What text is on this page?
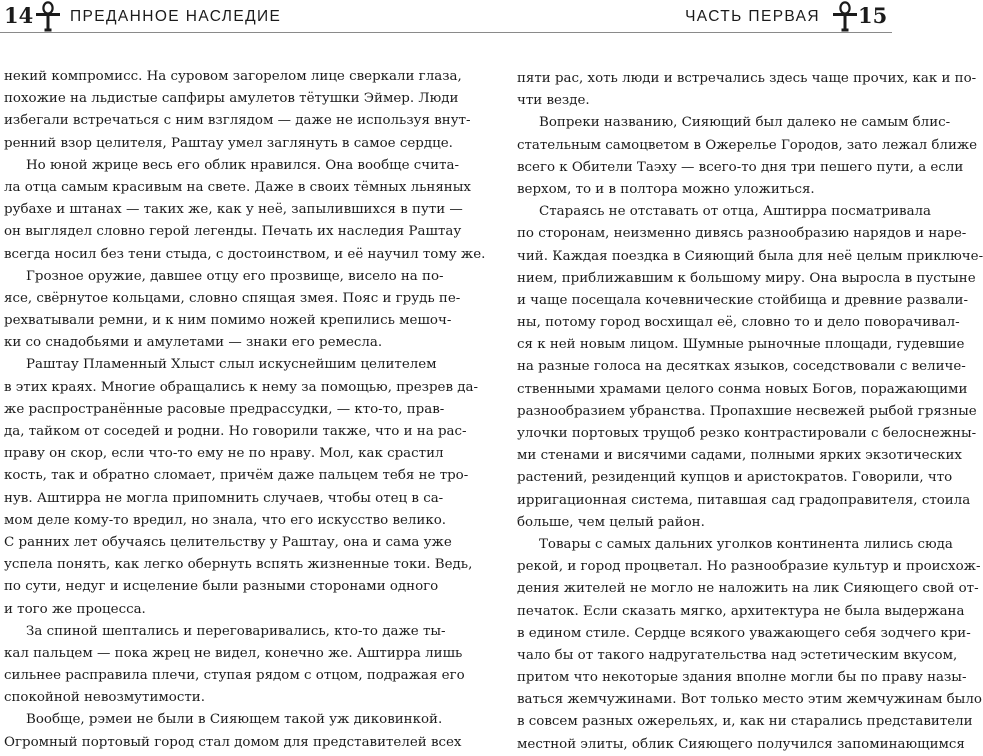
14 ПРЕДАННОЕ НАСЛЕДИЕ	ЧАСТЬ ПЕРВАЯ 15
некий компромисс. На суровом загорелом лице сверкали глаза,
похожие на льдистые сапфиры амулетов тётушки Эймер. Люди
избегали встречаться с ним взглядом — даже не используя внут-
ренний взор целителя, Раштау умел заглянуть в самое сердце.
Но юной жрице весь его облик нравился. Она вообще счита-
ла отца самым красивым на свете. Даже в своих тёмных льняных
рубахе и штанах — таких же, как у неё, запылившихся в пути —
он выглядел словно герой легенды. Печать их наследия Раштау
всегда носил без тени стыда, с достоинством, и её научил тому же.
Грозное оружие, давшее отцу его прозвище, висело на по-
ясе, свёрнутое кольцами, словно спящая змея. Пояс и грудь пе-
рехватывали ремни, и к ним помимо ножей крепились мешоч-
ки со снадобьями и амулетами — знаки его ремесла.
Раштау Пламенный Хлыст слыл искуснейшим целителем
в этих краях. Многие обращались к нему за помощью, презрев да-
же распространённые расовые предрассудки, — кто-то, прав-
да, тайком от соседей и родни. Но говорили также, что и на рас-
праву он скор, если что-то ему не по нраву. Мол, как срастил
кость, так и обратно сломает, причём даже пальцем тебя не тро-
нув. Аштирра не могла припомнить случаев, чтобы отец в са-
мом деле кому-то вредил, но знала, что его искусство велико.
С ранних лет обучаясь целительству у Раштау, она и сама уже
успела понять, как легко обернуть вспять жизненные токи. Ведь,
по сути, недуг и исцеление были разными сторонами одного
и того же процесса.
За спиной шептались и переговаривались, кто-то даже ты-
кал пальцем — пока жрец не видел, конечно же. Аштирра лишь
сильнее расправила плечи, ступая рядом с отцом, подражая его
спокойной невозмутимости.
Вообще, рэмеи не были в Сияющем такой уж диковинкой.
Огромный портовый город стал домом для представителей всех
пяти рас, хоть люди и встречались здесь чаще прочих, как и по-
чти везде.
Вопреки названию, Сияющий был далеко не самым блиc-
стательным самоцветом в Ожерелье Городов, зато лежал ближе
всего к Обители Таэху — всего-то дня три пешего пути, а если
верхом, то и в полтора можно уложиться.
Стараясь не отставать от отца, Аштирра посматривала
по сторонам, неизменно дивясь разнообразию нарядов и наре-
чий. Каждая поездка в Сияющий была для неё целым приключе-
нием, приближавшим к большому миру. Она выросла в пустыне
и чаще посещала кочевнические стойбища и древние развали-
ны, потому город восхищал её, словно то и дело поворачивал-
ся к ней новым лицом. Шумные рыночные площади, гудевшие
на разные голоса на десятках языков, соседствовали с величе-
ственными храмами целого сонма новых Богов, поражающими
разнообразием убранства. Пропахшие несвежей рыбой грязные
улочки портовых трущоб резко контрастировали с белоснежны-
ми стенами и висячими садами, полными ярких экзотических
растений, резиденций купцов и аристократов. Говорили, что
ирригационная система, питавшая сад градоправителя, стоила
больше, чем целый район.
Товары с самых дальних уголков континента лились сюда
рекой, и город процветал. Но разнообразие культур и происхож-
дения жителей не могло не наложить на лик Сияющего свой от-
печаток. Если сказать мягко, архитектура не была выдержана
в едином стиле. Сердце всякого уважающего себя зодчего кри-
чало бы от такого надругательства над эстетическим вкусом,
притом что некоторые здания вполне могли бы по праву назы-
ваться жемчужинами. Вот только место этим жемчужинам было
в совсем разных ожерельях, и, как ни старались представители
местной элиты, облик Сияющего получился запоминающимся
